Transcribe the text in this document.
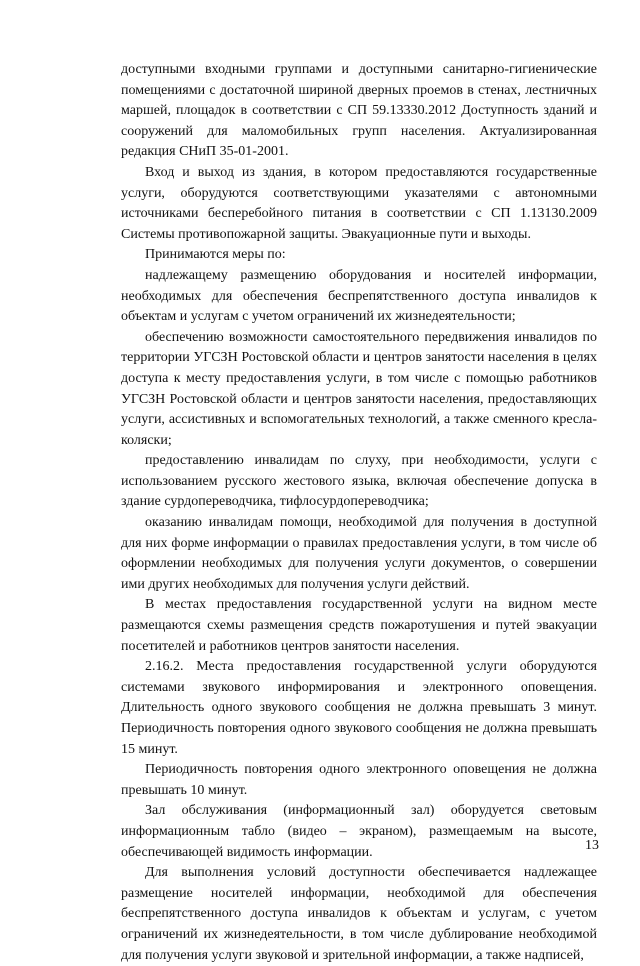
доступными входными группами и доступными санитарно-гигиенические помещениями с достаточной шириной дверных проемов в стенах, лестничных маршей, площадок в соответствии с СП 59.13330.2012 Доступность зданий и сооружений для маломобильных групп населения. Актуализированная редакция СНиП 35-01-2001.

Вход и выход из здания, в котором предоставляются государственные услуги, оборудуются соответствующими указателями с автономными источниками бесперебойного питания в соответствии с СП 1.13130.2009 Системы противопожарной защиты. Эвакуационные пути и выходы.

Принимаются меры по:

надлежащему размещению оборудования и носителей информации, необходимых для обеспечения беспрепятственного доступа инвалидов к объектам и услугам с учетом ограничений их жизнедеятельности;

обеспечению возможности самостоятельного передвижения инвалидов по территории УГСЗН Ростовской области и центров занятости населения в целях доступа к месту предоставления услуги, в том числе с помощью работников УГСЗН Ростовской области и центров занятости населения, предоставляющих услуги, ассистивных и вспомогательных технологий, а также сменного кресла-коляски;

предоставлению инвалидам по слуху, при необходимости, услуги с использованием русского жестового языка, включая обеспечение допуска в здание сурдопереводчика, тифлосурдопереводчика;

оказанию инвалидам помощи, необходимой для получения в доступной для них форме информации о правилах предоставления услуги, в том числе об оформлении необходимых для получения услуги документов, о совершении ими других необходимых для получения услуги действий.

В местах предоставления государственной услуги на видном месте размещаются схемы размещения средств пожаротушения и путей эвакуации посетителей и работников центров занятости населения.

2.16.2. Места предоставления государственной услуги оборудуются системами звукового информирования и электронного оповещения. Длительность одного звукового сообщения не должна превышать 3 минут. Периодичность повторения одного звукового сообщения не должна превышать 15 минут.

Периодичность повторения одного электронного оповещения не должна превышать 10 минут.

Зал обслуживания (информационный зал) оборудуется световым информационным табло (видео – экраном), размещаемым на высоте, обеспечивающей видимость информации.

Для выполнения условий доступности обеспечивается надлежащее размещение носителей информации, необходимой для обеспечения беспрепятственного доступа инвалидов к объектам и услугам, с учетом ограничений их жизнедеятельности, в том числе дублирование необходимой для получения услуги звуковой и зрительной информации, а также надписей,

13
